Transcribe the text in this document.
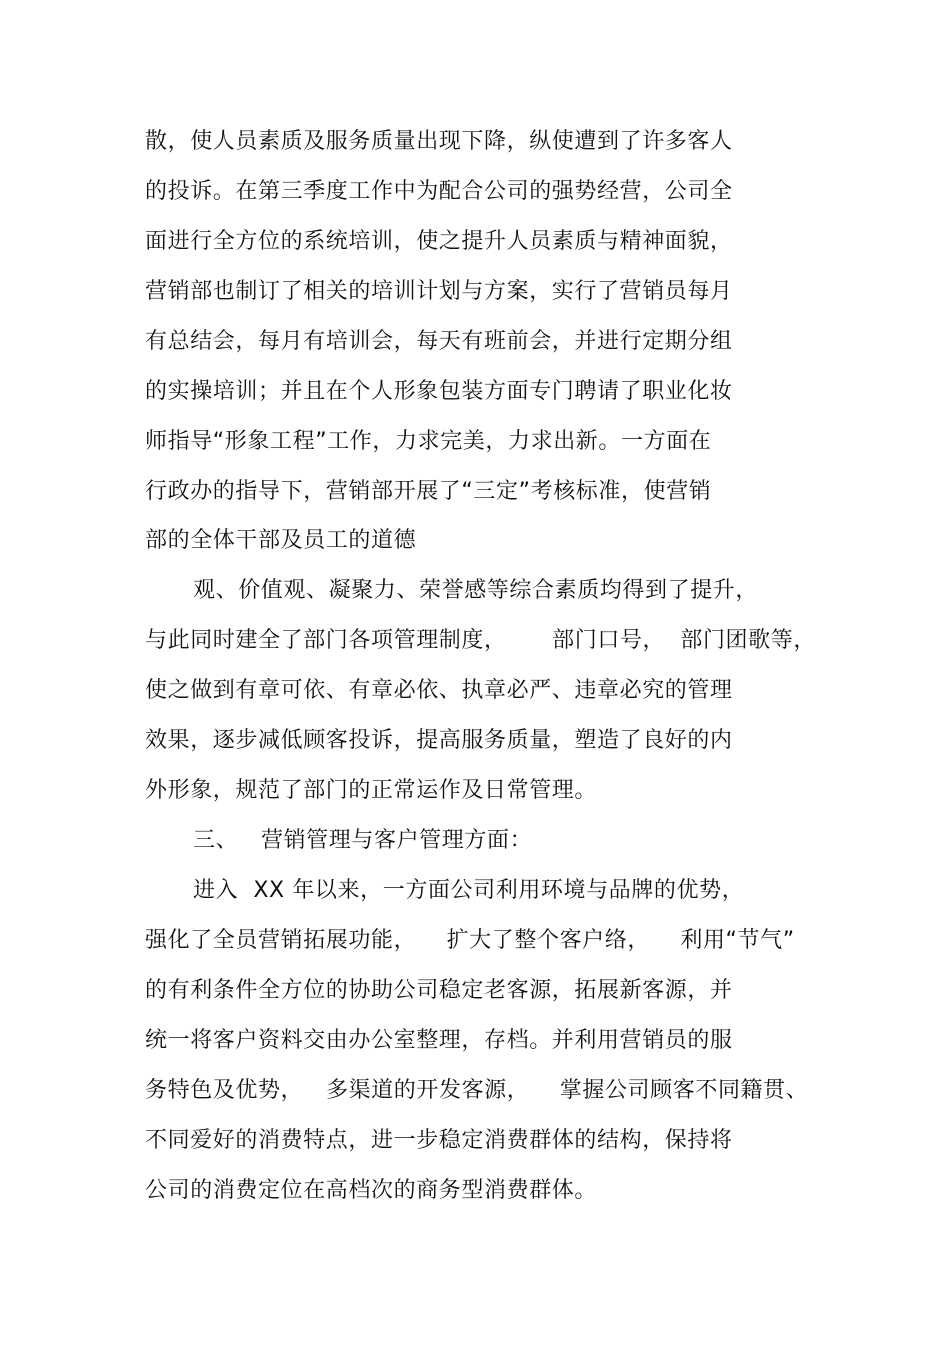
散，使人员素质及服务质量出现下降，纵使遭到了许多客人
的投诉。在第三季度工作中为配合公司的强势经营，公司全
面进行全方位的系统培训，使之提升人员素质与精神面貌，
营销部也制订了相关的培训计划与方案，实行了营销员每月
有总结会，每月有培训会，每天有班前会，并进行定期分组
的实操培训；并且在个人形象包装方面专门聘请了职业化妆
师指导“形象工程”工作，力求完美，力求出新。一方面在
行政办的指导下，营销部开展了“三定”考核标准，使营销
部的全体干部及员工的道德
观、价值观、凝聚力、荣誉感等综合素质均得到了提升，
与此同时建全了部门各项管理制度，      部门口号，  部门团歌等，
使之做到有章可依、有章必依、执章必严、违章必究的管理
效果，逐步减低顾客投诉，提高服务质量，塑造了良好的内
外形象，规范了部门的正常运作及日常管理。
三、   营销管理与客户管理方面：
进入  XX 年以来，一方面公司利用环境与品牌的优势，
强化了全员营销拓展功能，    扩大了整个客户络，    利用“节气”
的有利条件全方位的协助公司稳定老客源，拓展新客源，并
统一将客户资料交由办公室整理，存档。并利用营销员的服
务特色及优势，   多渠道的开发客源，    掌握公司顾客不同籍贯、
不同爱好的消费特点，进一步稳定消费群体的结构，保持将
公司的消费定位在高档次的商务型消费群体。
